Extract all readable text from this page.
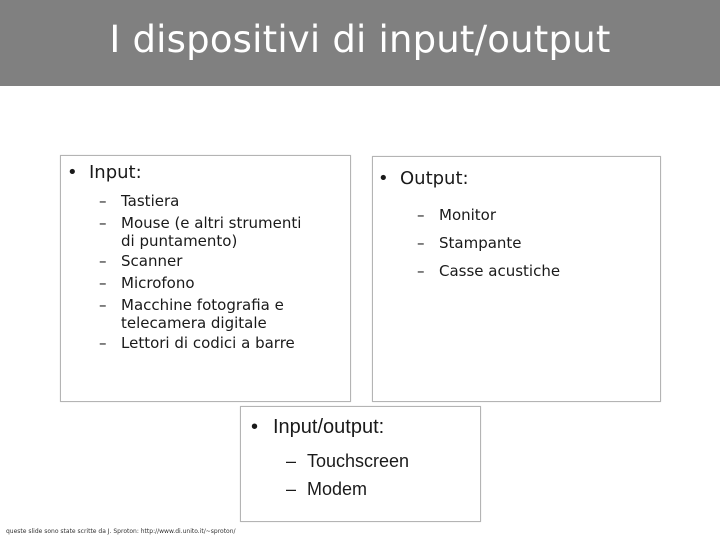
I dispositivi di input/output
• Input:
– Tastiera
– Mouse (e altri strumenti
di puntamento)
– Scanner
– Microfono
– Macchine fotografia e
telecamera digitale
– Lettori di codici a barre
• Output:
– Monitor
– Stampante
– Casse acustiche
• Input/output:
– Touchscreen
– Modem
queste slide sono state scritte da J. Sproton: http://www.di.unito.it/~sproton/
